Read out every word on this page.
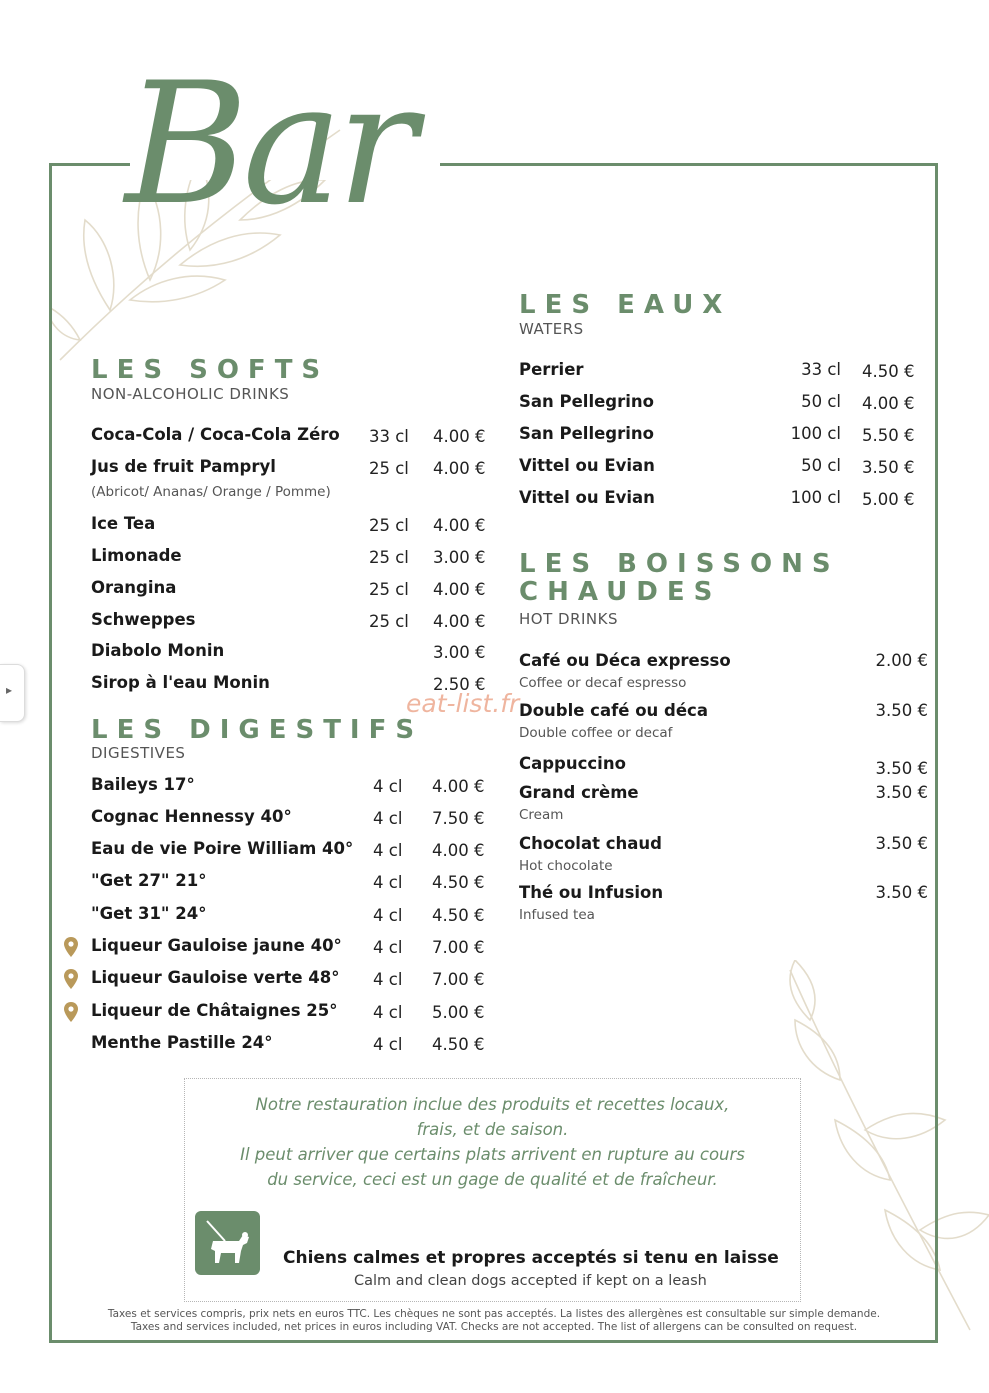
Bar
▸
LES SOFTS
NON-ALCOHOLIC DRINKS
LES DIGESTIFS
DIGESTIVES
LES EAUX
WATERS
LES BOISSONS
CHAUDES
HOT DRINKS
eat-list.fr
Notre restauration inclue des produits et recettes locaux,
frais, et de saison.
Il peut arriver que certains plats arrivent en rupture au cours
du service, ceci est un gage de qualité et de fraîcheur.
Chiens calmes et propres acceptés si tenu en laisse
Calm and clean dogs accepted if kept on a leash
Taxes et services compris, prix nets en euros TTC. Les chèques ne sont pas acceptés. La listes des allergènes est consultable sur simple demande.
Taxes and services included, net prices in euros including VAT. Checks are not accepted. The list of allergens can be consulted on request.
Coca-Cola / Coca-Cola Zéro 33 cl 4.00 €
Jus de fruit Pampryl	25 cl 4.00 €
(Abricot/ Ananas/ Orange / Pomme)
Ice Tea	25 cl 4.00 €
Limonade	25 cl 3.00 €
Orangina	25 cl 4.00 €
Schweppes	25 cl 4.00 €
Diabolo Monin	3.00 €
Sirop à l'eau Monin	2.50 €
Baileys 17°	4 cl 4.00 €
Cognac Hennessy 40°	4 cl 7.50 €
Eau de vie Poire William 40° 4 cl 4.00 €
"Get 27" 21°	4 cl 4.50 €
"Get 31" 24°	4 cl 4.50 €
Liqueur Gauloise jaune 40° 4 cl 7.00 €
Liqueur Gauloise verte 48° 4 cl 7.00 €
Liqueur de Châtaignes 25° 4 cl 5.00 €
Menthe Pastille 24°	4 cl 4.50 €
Perrier	33 cl 4.50 €
San Pellegrino	50 cl 4.00 €
San Pellegrino	100 cl 5.50 €
Vittel ou Evian	50 cl 3.50 €
Vittel ou Evian	100 cl 5.00 €
Café ou Déca expresso	2.00 €
Coffee or decaf espresso
Double café ou déca	3.50 €
Double coffee or decaf
Cappuccino	3.50 €
Grand crème	3.50 €
Cream
Chocolat chaud	3.50 €
Hot chocolate
Thé ou Infusion	3.50 €
Infused tea
